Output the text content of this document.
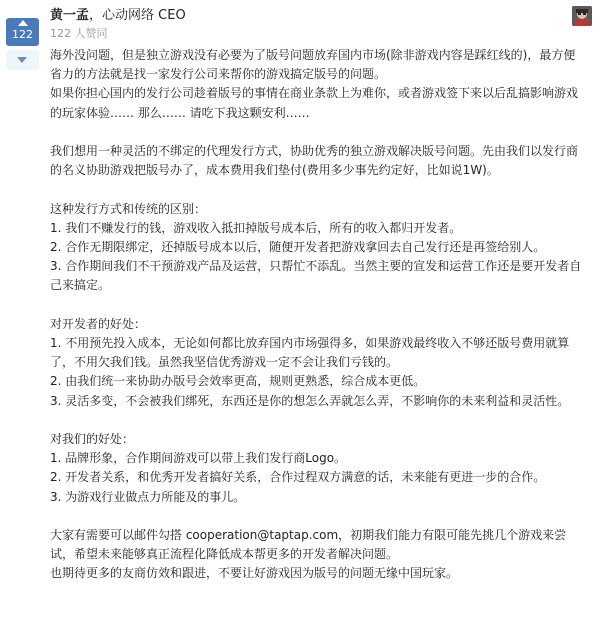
122
黄一孟，心动网络 CEO
122 人赞同

海外没问题，但是独立游戏没有必要为了版号问题放弃国内市场(除非游戏内容是踩红线的)，最方便省力的方法就是找一家发行公司来帮你的游戏搞定版号的问题。

如果你担心国内的发行公司趁着版号的事情在商业条款上为难你，或者游戏签下来以后乱搞影响游戏的玩家体验…… 那么…… 请吃下我这颗安利……

我们想用一种灵活的不绑定的代理发行方式，协助优秀的独立游戏解决版号问题。先由我们以发行商的名义协助游戏把版号办了，成本费用我们垫付(费用多少事先约定好，比如说1W)。

这种发行方式和传统的区别：

1. 我们不赚发行的钱，游戏收入抵扣掉版号成本后，所有的收入都归开发者。

2. 合作无期限绑定，还掉版号成本以后，随便开发者把游戏拿回去自己发行还是再签给别人。

3. 合作期间我们不干预游戏产品及运营，只帮忙不添乱。当然主要的宣发和运营工作还是要开发者自己来搞定。

对开发者的好处：

1. 不用预先投入成本，无论如何都比放弃国内市场强得多，如果游戏最终收入不够还版号费用就算了，不用欠我们钱。虽然我坚信优秀游戏一定不会让我们亏钱的。

2. 由我们统一来协助办版号会效率更高，规则更熟悉，综合成本更低。

3. 灵活多变，不会被我们绑死，东西还是你的想怎么弄就怎么弄，不影响你的未来利益和灵活性。

对我们的好处：

1. 品牌形象，合作期间游戏可以带上我们发行商Logo。

2. 开发者关系，和优秀开发者搞好关系，合作过程双方满意的话，未来能有更进一步的合作。

3. 为游戏行业做点力所能及的事儿。

大家有需要可以邮件勾搭 cooperation@taptap.com，初期我们能力有限可能先挑几个游戏来尝试，希望未来能够真正流程化降低成本帮更多的开发者解决问题。

也期待更多的友商仿效和跟进，不要让好游戏因为版号的问题无缘中国玩家。
